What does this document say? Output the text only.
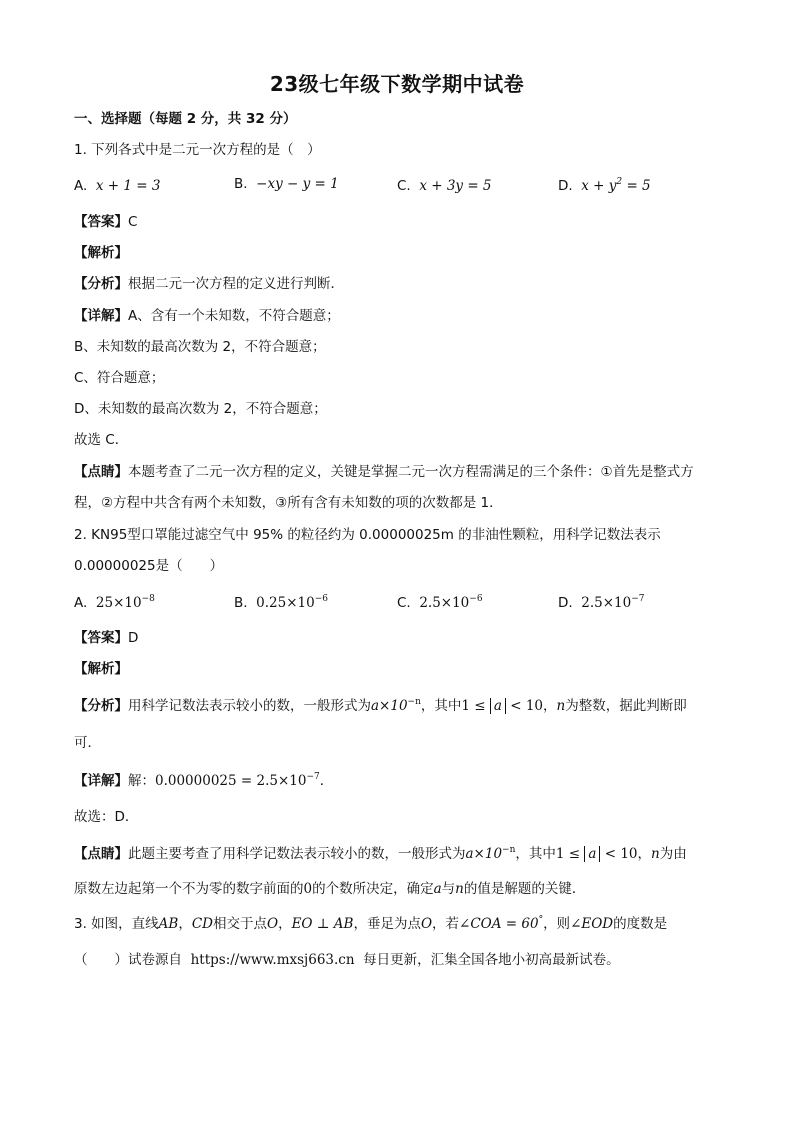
23级七年级下数学期中试卷
一、选择题（每题 2 分，共 32 分）
1. 下列各式中是二元一次方程的是（　）
A. x + 1 = 3	B. −xy − y = 1	C. x + 3y = 5	D. $x + y^2 = 5$
【答案】C
【解析】
【分析】根据二元一次方程的定义进行判断．
【详解】A、含有一个未知数，不符合题意；
B、未知数的最高次数为 2，不符合题意；
C、符合题意；
D、未知数的最高次数为 2，不符合题意；
故选 C．
【点睛】本题考查了二元一次方程的定义，关键是掌握二元一次方程需满足的三个条件：①首先是整式方
程，②方程中共含有两个未知数，③所有含有未知数的项的次数都是 1．
2. KN95型口罩能过滤空气中 95% 的粒径约为 0.00000025m 的非油性颗粒，用科学记数法表示
0.00000025是（　　）
A. $25\times 10^{-8}$	B. $0.25\times 10^{-6}$	C. $2.5\times 10^{-6}$	D. $2.5\times 10^{-7}$
【答案】D
【解析】
【分析】用科学记数法表示较小的数，一般形式为$a\times 10^{-n}$，其中1 ≤ a < 10，n为整数，据此判断即
可．
【详解】解：$0.00000025 = 2.5\times 10^{-7}$．
故选：D．
【点睛】此题主要考查了用科学记数法表示较小的数，一般形式为$a\times 10^{-n}$，其中1 ≤ a < 10，n为由
原数左边起第一个不为零的数字前面的0的个数所决定，确定a与n的值是解题的关键．
3. 如图，直线AB，CD相交于点O，EO ⊥ AB，垂足为点O，若∠COA = 60°，则∠EOD的度数是
（　　）试卷源自 https://www.mxsj663.cn 每日更新，汇集全国各地小初高最新试卷。
